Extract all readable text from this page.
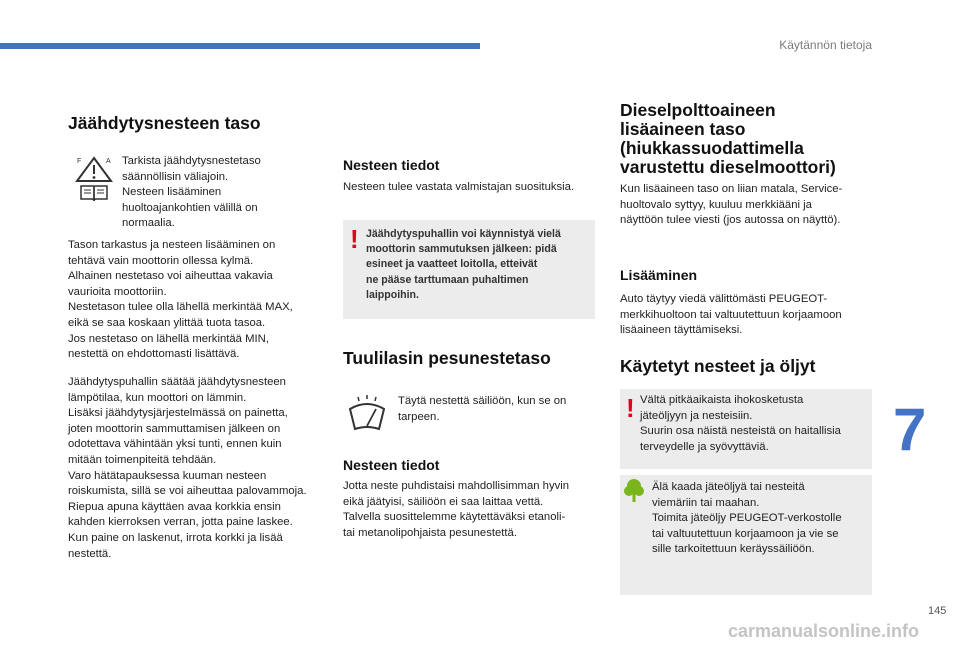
Käytännön tietoja
Jäähdytysnesteen taso
F	A Tarkista jäähdytysnestetaso
säännöllisin väliajoin.
Nesteen lisääminen
huoltoajankohtien välillä on
normaalia.
Tason tarkastus ja nesteen lisääminen on
tehtävä vain moottorin ollessa kylmä.
Alhainen nestetaso voi aiheuttaa vakavia
vaurioita moottoriin.
Nestetason tulee olla lähellä merkintää MAX,
eikä se saa koskaan ylittää tuota tasoa.
Jos nestetaso on lähellä merkintää MIN,
nestettä on ehdottomasti lisättävä.
Jäähdytyspuhallin säätää jäähdytysnesteen
lämpötilaa, kun moottori on lämmin.
Lisäksi jäähdytysjärjestelmässä on painetta,
joten moottorin sammuttamisen jälkeen on
odotettava vähintään yksi tunti, ennen kuin
mitään toimenpiteitä tehdään.
Varo hätätapauksessa kuuman nesteen
roiskumista, sillä se voi aiheuttaa palovammoja.
Riepua apuna käyttäen avaa korkkia ensin
kahden kierroksen verran, jotta paine laskee.
Kun paine on laskenut, irrota korkki ja lisää
nestettä.
Nesteen tiedot
Nesteen tulee vastata valmistajan suosituksia.
! Jäähdytyspuhallin voi käynnistyä vielä
moottorin sammutuksen jälkeen: pidä
esineet ja vaatteet loitolla, etteivät
ne pääse tarttumaan puhaltimen
laippoihin.
Tuulilasin pesunestetaso
Täytä nestettä säiliöön, kun se on
tarpeen.
Nesteen tiedot
Jotta neste puhdistaisi mahdollisimman hyvin
eikä jäätyisi, säiliöön ei saa laittaa vettä.
Talvella suosittelemme käytettäväksi etanoli-
tai metanolipohjaista pesunestettä.
Dieselpolttoaineen
lisäaineen taso
(hiukkassuodattimella
varustettu dieselmoottori)
Kun lisäaineen taso on liian matala, Service-
huoltovalo syttyy, kuuluu merkkiääni ja
näyttöön tulee viesti (jos autossa on näyttö).
Lisääminen
Auto täytyy viedä välittömästi PEUGEOT-
merkkihuoltoon tai valtuutettuun korjaamoon
lisäaineen täyttämiseksi.
Käytetyt nesteet ja öljyt
! Vältä pitkäaikaista ihokosketusta
jäteöljyyn ja nesteisiin.
Suurin osa näistä nesteistä on haitallisia
terveydelle ja syövyttäviä.
Älä kaada jäteöljyä tai nesteitä
viemäriin tai maahan.
Toimita jäteöljy PEUGEOT-verkostolle
tai valtuutettuun korjaamoon ja vie se
sille tarkoitettuun keräyssäiliöön.
7
145
carmanualsonline.info
